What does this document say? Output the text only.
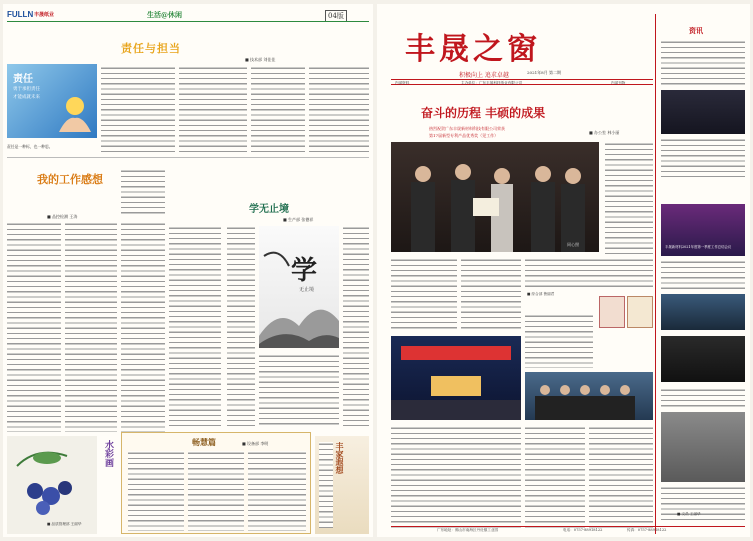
FULLN 丰晟纸业	生活@休闲	04版
责任与担当
■ 技术部 刘佳佳
责任
勇于承担责任
才能成就未来
责任是一种标，也一种思。
我的工作感想
■ 品控检测 王涛
学无止境
■ 生产部 张德祥
学
无止境
■ 品质管理部 王丽华
水彩画	畅慧篇	■ 设备部 李明	丰家遐想
丰晟之窗
积极向上 追求卓越	2021年8月 第二期
内部资料	主办单位：广东丰晟科技纸业有限公司	内部刊物
奋斗的历程 丰硕的成果
热烈祝贺广东丰晟新材料科技有限公司荣获
第17届新型专利产品优秀奖（见工作）
■ 办公室 林小丽
同心照
■ 综合部 鲁丽君
资讯
丰晟新材料2021年度第一季度工作总结会议
■ 文员 王丽华
广东地址：佛山市南海区丹灶镇工业园	电话：0757-88918122	传真：0757-88918122
